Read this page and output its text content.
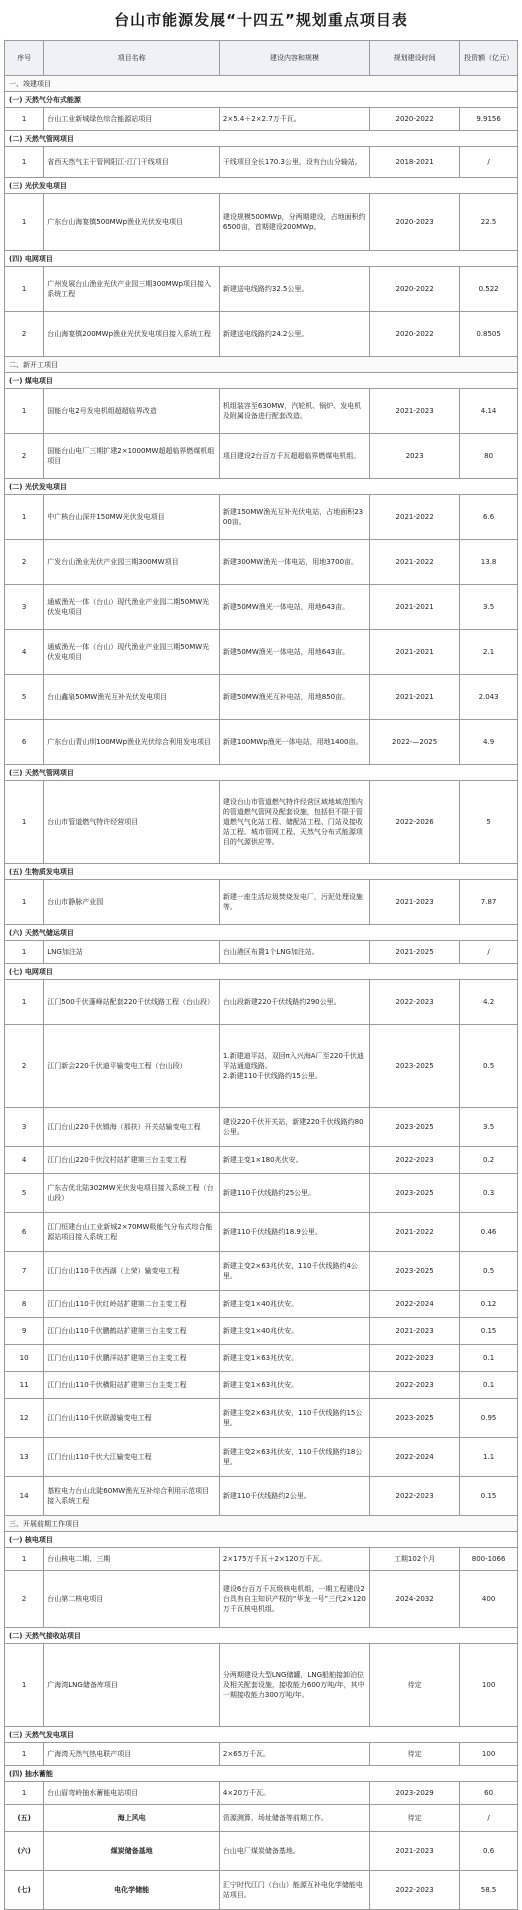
台山市能源发展“十四五”规划重点项目表
序号	项目名称	建设内容和规模	规划建设时间	投资额（亿元）
一、竣建项目				
(一) 天然气分布式能源				
1	台山工业新城绿色综合能源站项目	2×5.4＋2×2.7万千瓦。	2020-2022	9.9156
(二) 天然气管网项目				
1	省西天然气主干管网阳江-江门干线项目	干线项目全长170.3公里，设有台山分输站。	2018-2021	/
(三) 光伏发电项目				
1	广东台山海宴镇500MWp渔业光伏发电项目	建设规模500MWp，分两期建设，占地面积约6500亩，首期建设200MWp。	2020-2023	22.5
(四) 电网项目				
1	广州发展台山渔业光伏产业园三期300MWp项目接入系统工程	新建送电线路约32.5公里。	2020-2022	0.522
2	台山海宴镇200MWp渔业光伏发电项目接入系统工程	新建送电线路约24.2公里。	2020-2022	0.8505
二、新开工项目				
(一) 煤电项目				
1	国能台电2号发电机组超超临界改造	机组装容至630MW，汽轮机、锅炉、发电机及附属设备进行配套改造。	2021-2023	4.14
2	国能台山电厂三期扩建2×1000MW超超临界燃煤机组项目	项目建设2台百万千瓦超超临界燃煤电机组。	2023	80
(二) 光伏发电项目				
1	中广核台山深井150MW光伏发电项目	新建150MW渔光互补光伏电站，占地面积2300亩。	2021-2022	6.6
2	广发台山渔业光伏产业园三期300MW项目	新建300MW渔光一体电站，用地3700亩。	2021-2022	13.8
3	通威渔光一体（台山）现代渔业产业园二期50MW光伏发电项目	新建50MW渔光一体电站，用地643亩。	2021-2021	3.5
4	通威渔光一体（台山）现代渔业产业园三期50MW光伏发电项目	新建50MW渔光一体电站，用地643亩。	2021-2021	2.1
5	台山鑫泉50MW渔光互补光伏发电项目	新建50MW渔光互补电站，用地850亩。	2021-2021	2.043
6	广东台山青山圳100MWp渔业光伏综合利用发电项目	新建100MWp渔光一体电站，用地1400亩。	2022-—2025	4.9
(三) 天然气管网项目				
1	台山市管道燃气特许经营项目	建设台山市管道燃气特许经营区域地域范围内的管道燃气管网及配套设施，包括但不限于管道燃气气化站工程、储配站工程、门站及接收站工程、城市管网工程、天然气分布式能源项目的气源供应等。	2022-2026	5
(五) 生物质发电项目				
1	台山市静脉产业园	新建一座生活垃圾焚烧发电厂，污泥处理设施等。	2021-2023	7.87
(六) 天然气储运项目				
1	LNG加注站	台山港区布置1个LNG加注站。	2021-2025	/
(七) 电网项目				
1	江门500千伏蓬峰站配套220千伏线路工程（台山段）	台山段新建220千伏线路约290公里。	2022-2023	4.2
2	江门新会220千伏迪平输变电工程（台山段）	1.新建迪平站，双回π入兴海A厂至220千伏迪平站通道线路。
2.新建110千伏线路约15公里。	2023-2025	0.5
3	江门台山220千伏镇海（那扶）开关站输变电工程	建设220千伏开关站，新建220千伏线路约80公里。	2023-2025	3.5
4	江门台山220千伏汶村站扩建第三台主变工程	新建主变1×180兆伏安。	2022-2023	0.2
5	广东吉优北陆302MW光伏发电项目接入系统工程（台山段）	新建110千伏线路约25公里。	2023-2025	0.3
6	江门恒建台山工业新城2×70MW吸能气分布式综合能源站项目接入系统工程	新建110千伏线路约18.9公里。	2021-2022	0.46
7	江门台山110千伏西湖（上荣）输变电工程	新建主变2×63兆伏安，110千伏线路约4公里。	2023-2025	0.5
8	江门台山110千伏红岭站扩建第二台主变工程	新建主变1×40兆伏安。	2022-2024	0.12
9	江门台山110千伏鹏鹤站扩建第三台主变工程	新建主变1×40兆伏安。	2021-2023	0.15
10	江门台山110千伏鹏洋站扩建第三台主变工程	新建主变1×63兆伏安。	2022-2023	0.1
11	江门台山110千伏横阳站扩建第三台主变工程	新建主变1×63兆伏安。	2022-2023	0.1
12	江门台山110千伏联源输变电工程	新建主变2×63兆伏安，110千伏线路约15公里。	2023-2025	0.95
13	江门台山110千伏大江输变电工程	新建主变2×63兆伏安，110千伏线路约18公里。	2022-2024	1.1
14	基粒电力台山北陡60MW渔光互补综合利用示范项目接入系统工程	新建110千伏线路约2公里。	2022-2023	0.15
三、开展前期工作项目				
(一) 核电项目				
1	台山核电二期、三期	2×175万千瓦＋2×120万千瓦。	工期102个月	800-1066
2	台山第二核电项目	建设6台百万千瓦级核电机组，一期工程建设2台具有自主知识产权的“华龙一号”三代2×120万千瓦核电机组。	2024-2032	400
(二) 天然气接收站项目				
1	广海湾LNG储备库项目	分两期建设大型LNG储罐，LNG船舶接卸泊位及相关配套设施，接收能力600万吨/年，其中一期接收能力300万吨/年。	待定	100
(三) 天然气发电项目				
1	广海湾天然气热电联产项目	2×65万千瓦。	待定	100
(四) 抽水蓄能				
1	台山眉弯岭抽水蓄能电站项目	4×20万千瓦。	2023-2029	60
(五)	海上风电	资源测算，场址储备等前期工作。	待定	/
(六)	煤炭储备基地	台山电厂煤炭储备基地。	2021-2023	0.6
(七)	电化学储能	汇宁时代江门（台山）能源互补电化学储能电站项目。	2022-2023	58.5
